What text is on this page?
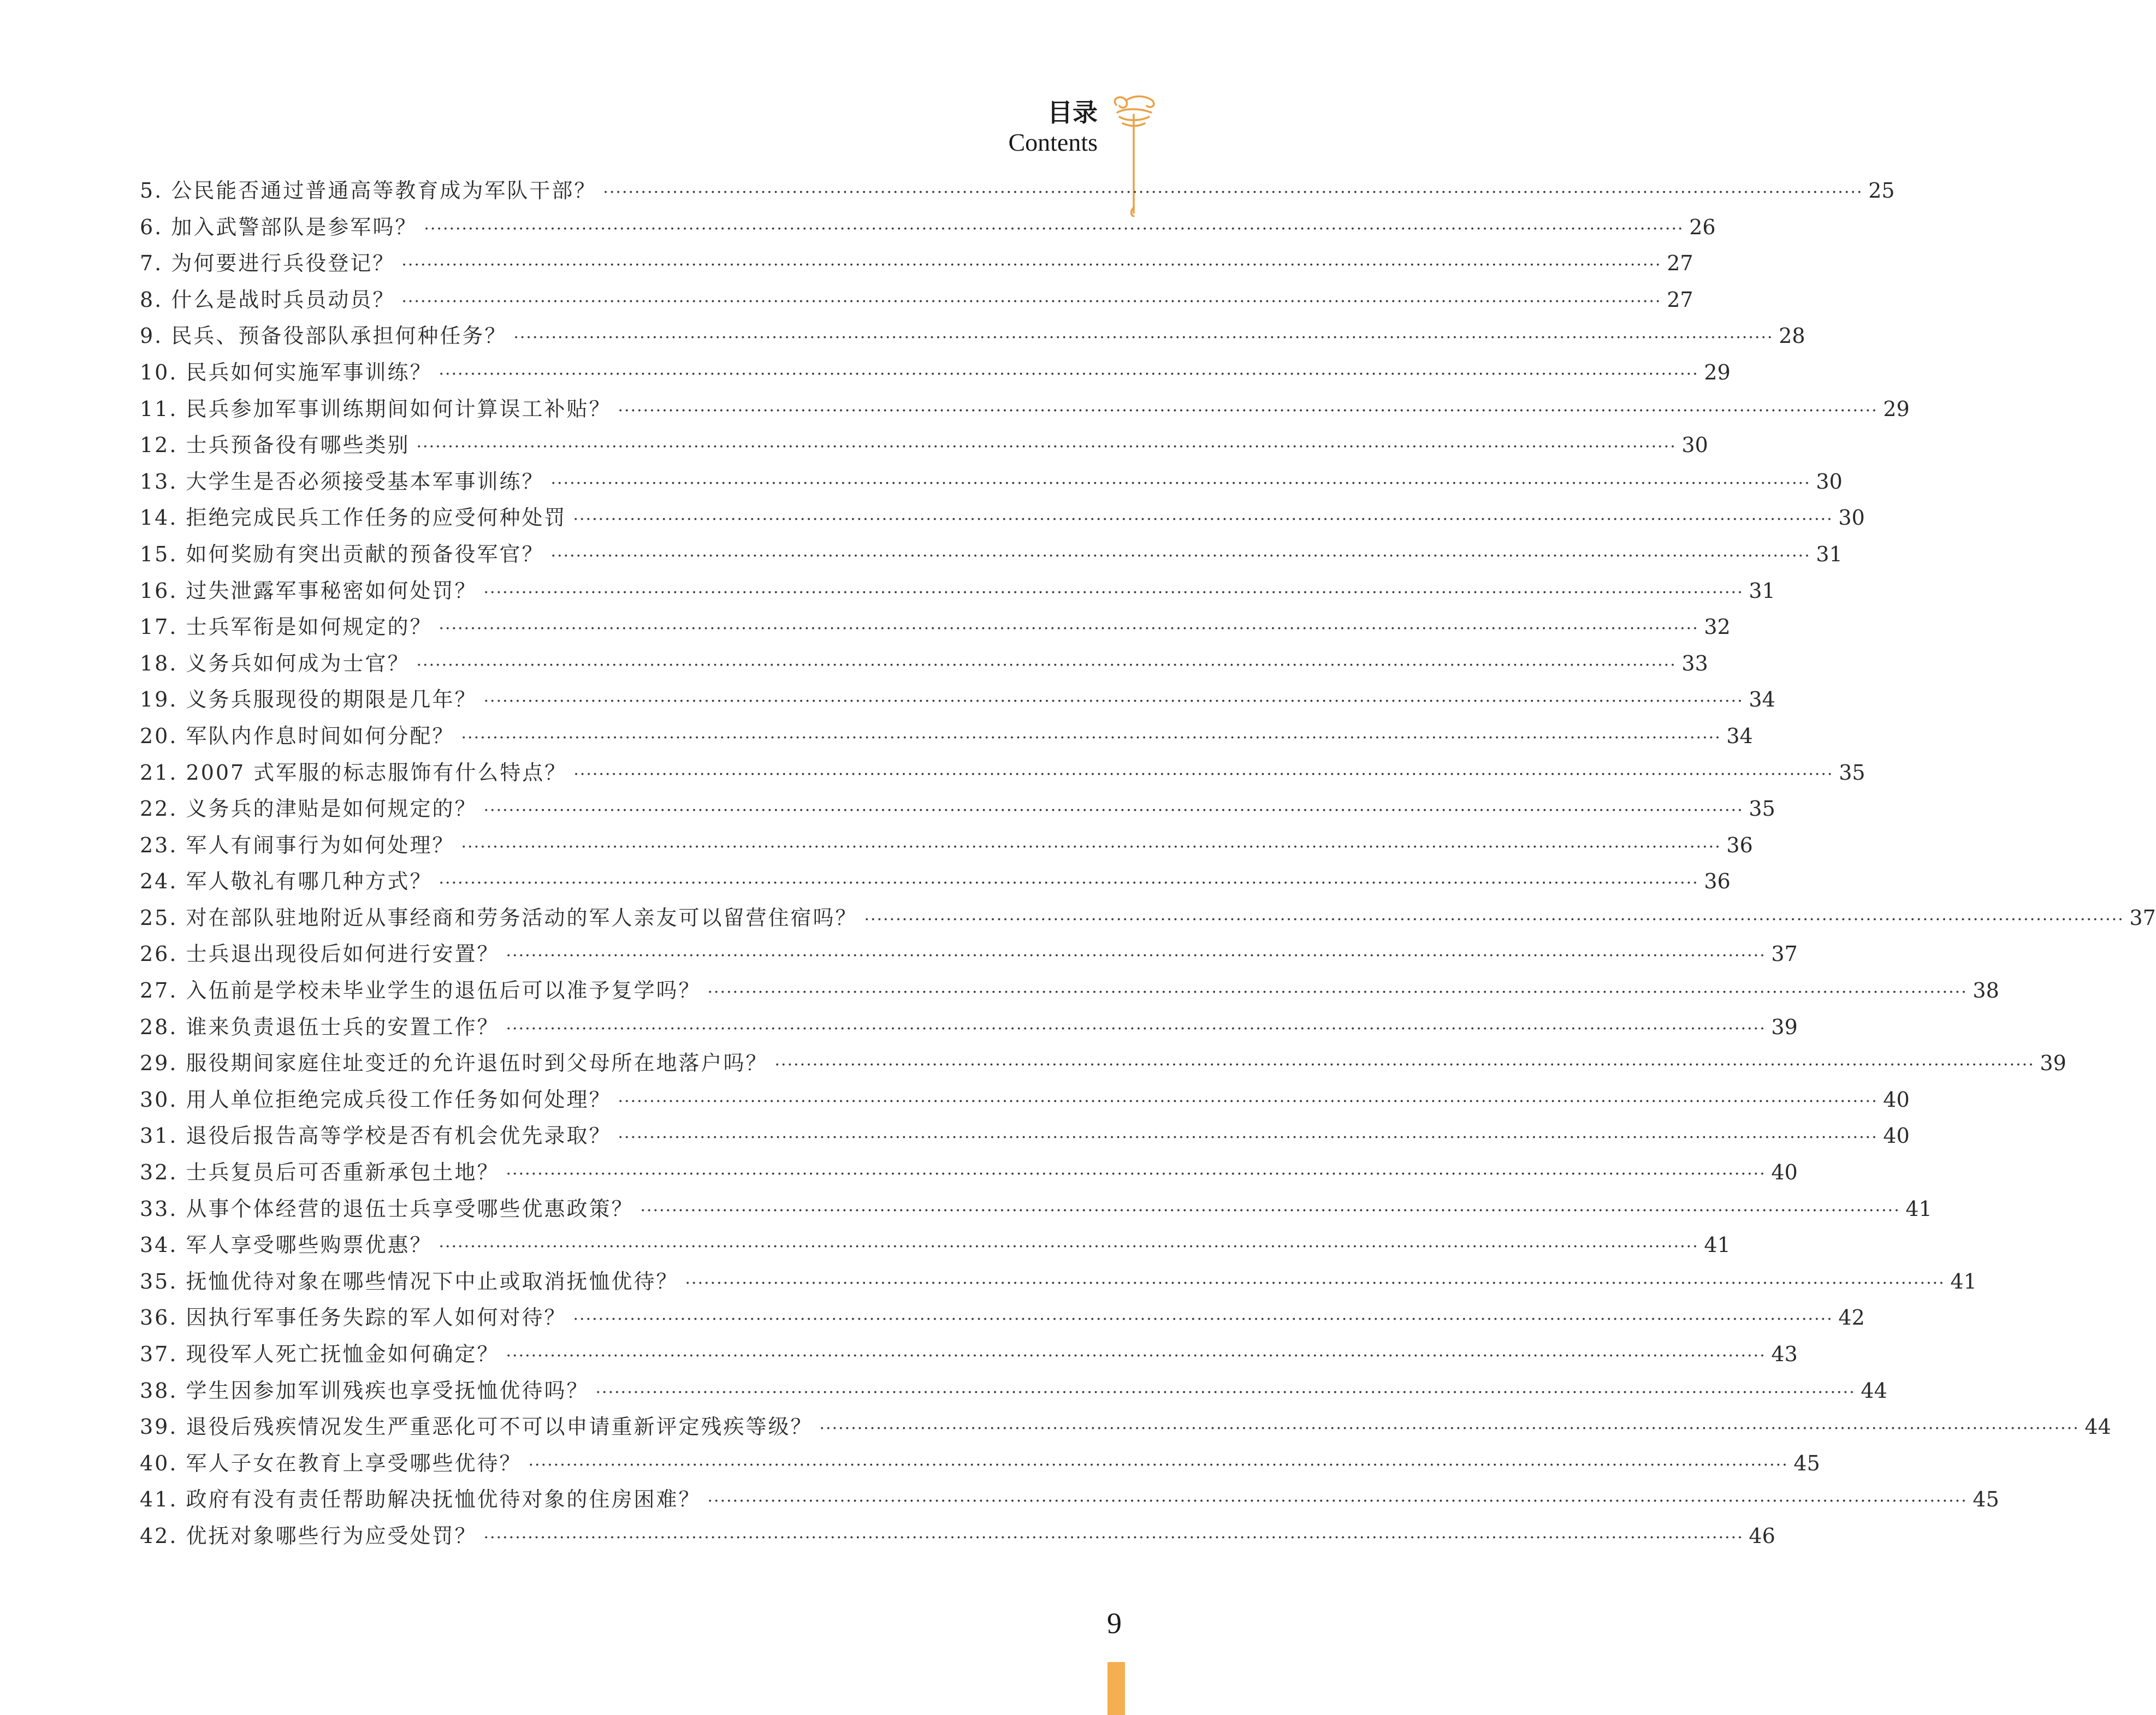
目录
Contents
5. 公民能否通过普通高等教育成为军队干部？ ········································································································································································································ 25
6. 加入武警部队是参军吗？ ········································································································································································································ 26
7. 为何要进行兵役登记？ ········································································································································································································ 27
8. 什么是战时兵员动员？ ········································································································································································································ 27
9. 民兵、预备役部队承担何种任务？ ········································································································································································································ 28
10. 民兵如何实施军事训练？ ········································································································································································································ 29
11. 民兵参加军事训练期间如何计算误工补贴？ ········································································································································································································ 29
12. 士兵预备役有哪些类别 ········································································································································································································ 30
13. 大学生是否必须接受基本军事训练？ ········································································································································································································ 30
14. 拒绝完成民兵工作任务的应受何种处罚 ········································································································································································································ 30
15. 如何奖励有突出贡献的预备役军官？ ········································································································································································································ 31
16. 过失泄露军事秘密如何处罚？ ········································································································································································································ 31
17. 士兵军衔是如何规定的？ ········································································································································································································ 32
18. 义务兵如何成为士官？ ········································································································································································································ 33
19. 义务兵服现役的期限是几年？ ········································································································································································································ 34
20. 军队内作息时间如何分配？ ········································································································································································································ 34
21. 2007 式军服的标志服饰有什么特点？ ········································································································································································································ 35
22. 义务兵的津贴是如何规定的？ ········································································································································································································ 35
23. 军人有闹事行为如何处理？ ········································································································································································································ 36
24. 军人敬礼有哪几种方式？ ········································································································································································································ 36
25. 对在部队驻地附近从事经商和劳务活动的军人亲友可以留营住宿吗？ ········································································································································································································ 37
26. 士兵退出现役后如何进行安置？ ········································································································································································································ 37
27. 入伍前是学校未毕业学生的退伍后可以准予复学吗？ ········································································································································································································ 38
28. 谁来负责退伍士兵的安置工作？ ········································································································································································································ 39
29. 服役期间家庭住址变迁的允许退伍时到父母所在地落户吗？ ········································································································································································································ 39
30. 用人单位拒绝完成兵役工作任务如何处理？ ········································································································································································································ 40
31. 退役后报告高等学校是否有机会优先录取？ ········································································································································································································ 40
32. 士兵复员后可否重新承包土地？ ········································································································································································································ 40
33. 从事个体经营的退伍士兵享受哪些优惠政策？ ········································································································································································································ 41
34. 军人享受哪些购票优惠？ ········································································································································································································ 41
35. 抚恤优待对象在哪些情况下中止或取消抚恤优待？ ········································································································································································································ 41
36. 因执行军事任务失踪的军人如何对待？ ········································································································································································································ 42
37. 现役军人死亡抚恤金如何确定？ ········································································································································································································ 43
38. 学生因参加军训残疾也享受抚恤优待吗？ ········································································································································································································ 44
39. 退役后残疾情况发生严重恶化可不可以申请重新评定残疾等级？ ········································································································································································································ 44
40. 军人子女在教育上享受哪些优待？ ········································································································································································································ 45
41. 政府有没有责任帮助解决抚恤优待对象的住房困难？ ········································································································································································································ 45
42. 优抚对象哪些行为应受处罚？ ········································································································································································································ 46
9
